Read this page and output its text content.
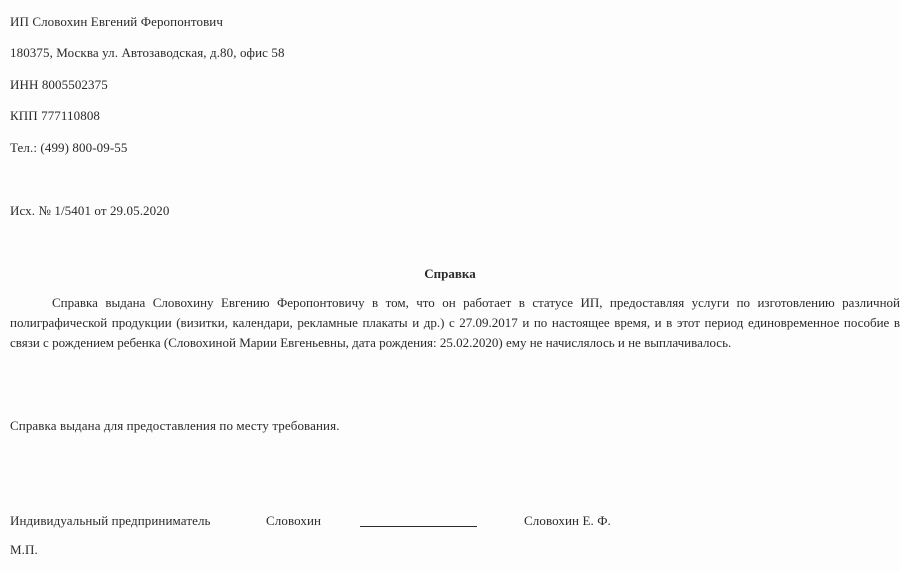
ИП Словохин Евгений Феропонтович
180375, Москва ул. Автозаводская, д.80, офис 58
ИНН 8005502375
КПП 777110808
Тел.: (499) 800-09-55
Исх. № 1/5401 от 29.05.2020
Справка
Справка выдана Словохину Евгению Феропонтовичу в том, что он работает в статусе ИП, предоставляя услуги по изготовлению различной полиграфической продукции (визитки, календари, рекламные плакаты и др.) с 27.09.2017 и по настоящее время, и в этот период единовременное пособие в связи с рождением ребенка (Словохиной Марии Евгеньевны, дата рождения: 25.02.2020) ему не начислялось и не выплачивалось.
Справка выдана для предоставления по месту требования.
Индивидуальный предприниматель	Словохин	Словохин Е. Ф.
М.П.
